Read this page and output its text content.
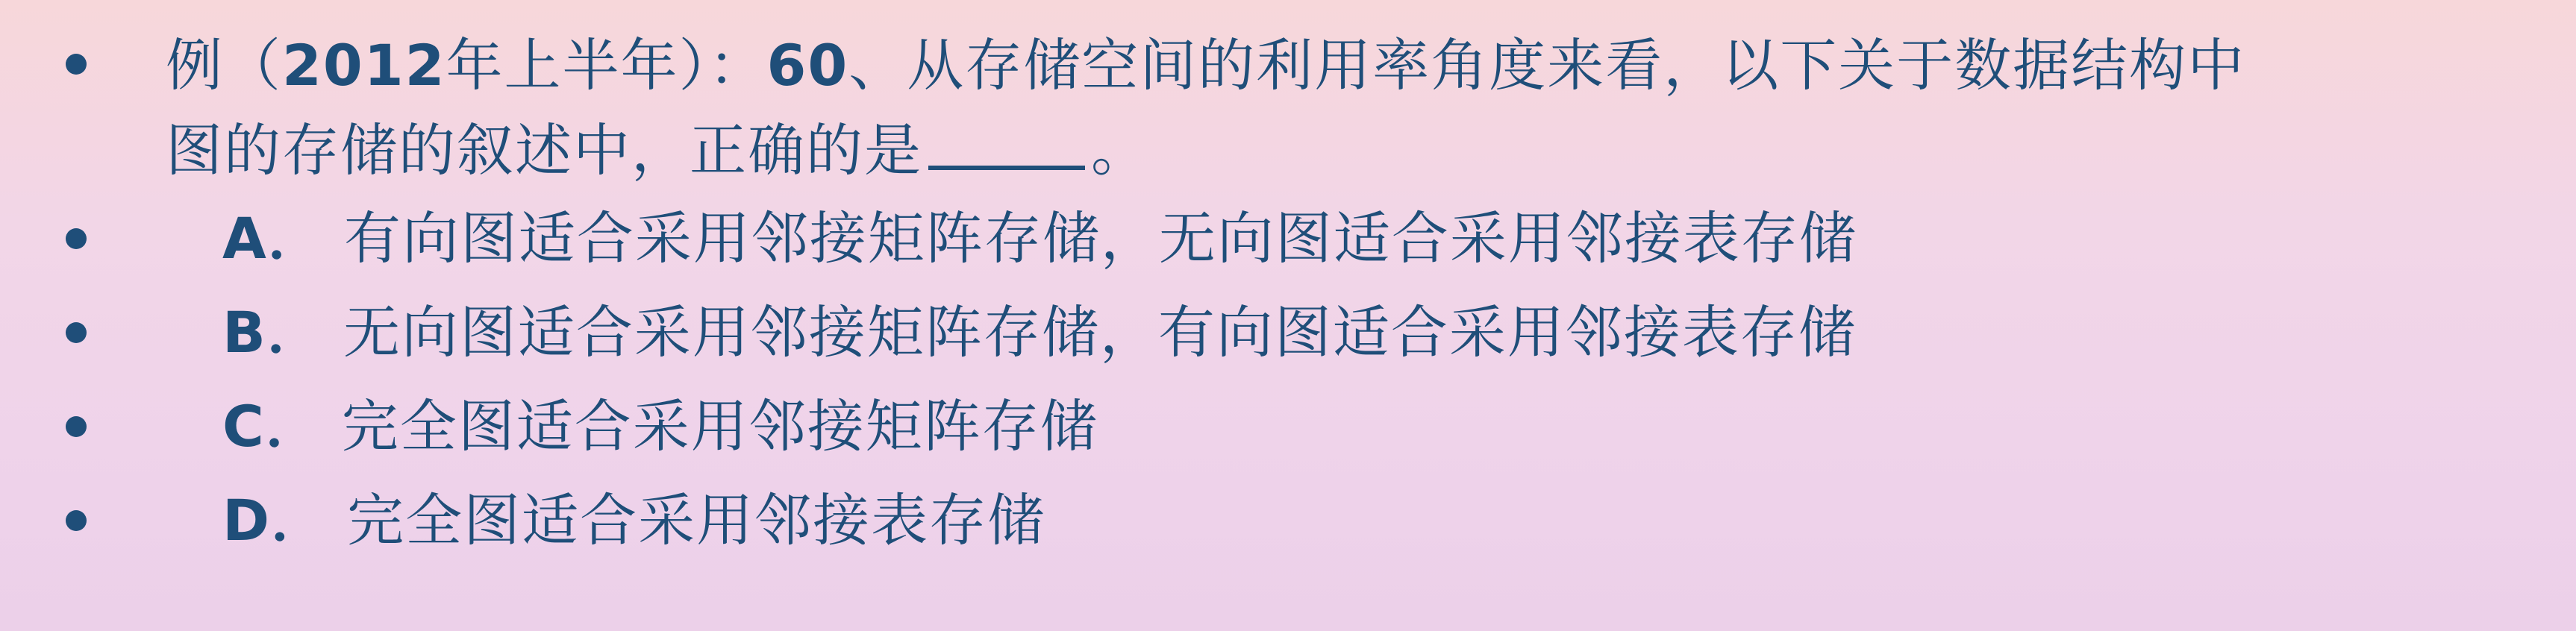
例（2012年上半年）：60、从存储空间的利用率角度来看，以下关于数据结构中
图的存储的叙述中，正确的是	。
A． 有向图适合采用邻接矩阵存储，无向图适合采用邻接表存储
B． 无向图适合采用邻接矩阵存储，有向图适合采用邻接表存储
C． 完全图适合采用邻接矩阵存储
D． 完全图适合采用邻接表存储
